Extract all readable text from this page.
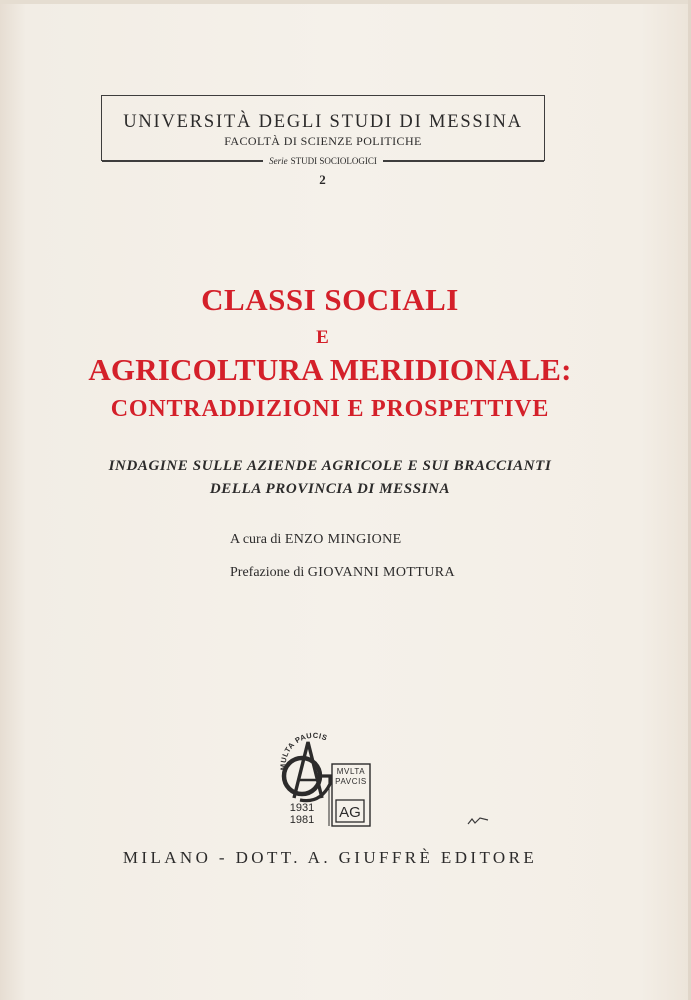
UNIVERSITÀ DEGLI STUDI DI MESSINA
FACOLTÀ DI SCIENZE POLITICHE
Serie STUDI SOCIOLOGICI
2
CLASSI SOCIALI
E
AGRICOLTURA MERIDIONALE:
CONTRADDIZIONI E PROSPETTIVE
INDAGINE SULLE AZIENDE AGRICOLE E SUI BRACCIANTI
DELLA PROVINCIA DI MESSINA
A cura di ENZO MINGIONE
Prefazione di GIOVANNI MOTTURA
MULTA PAUCIS
MVLTA
PAVCIS
AG
1931
1981
MILANO - DOTT. A. GIUFFRÈ EDITORE
